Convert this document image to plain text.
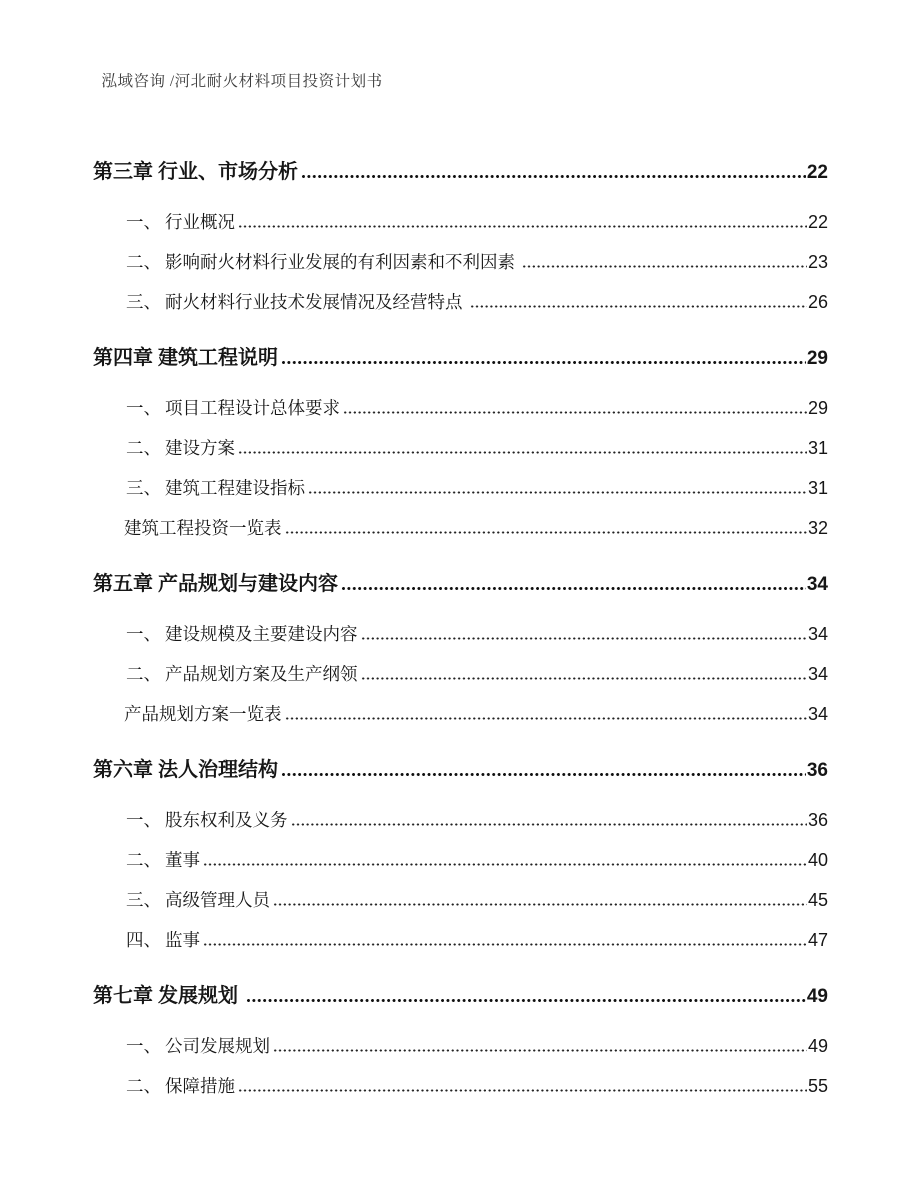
泓域咨询 /河北耐火材料项目投资计划书

第三章 行业、市场分析	22
一、 行业概况	22
二、 影响耐火材料行业发展的有利因素和不利因素	23
三、 耐火材料行业技术发展情况及经营特点	26
第四章 建筑工程说明	29
一、 项目工程设计总体要求	29
二、 建设方案	31
三、 建筑工程建设指标	31
建筑工程投资一览表	32
第五章 产品规划与建设内容	34
一、 建设规模及主要建设内容	34
二、 产品规划方案及生产纲领	34
产品规划方案一览表	34
第六章 法人治理结构	36
一、 股东权利及义务	36
二、 董事	40
三、 高级管理人员	45
四、 监事	47
第七章 发展规划	49
一、 公司发展规划	49
二、 保障措施	55
